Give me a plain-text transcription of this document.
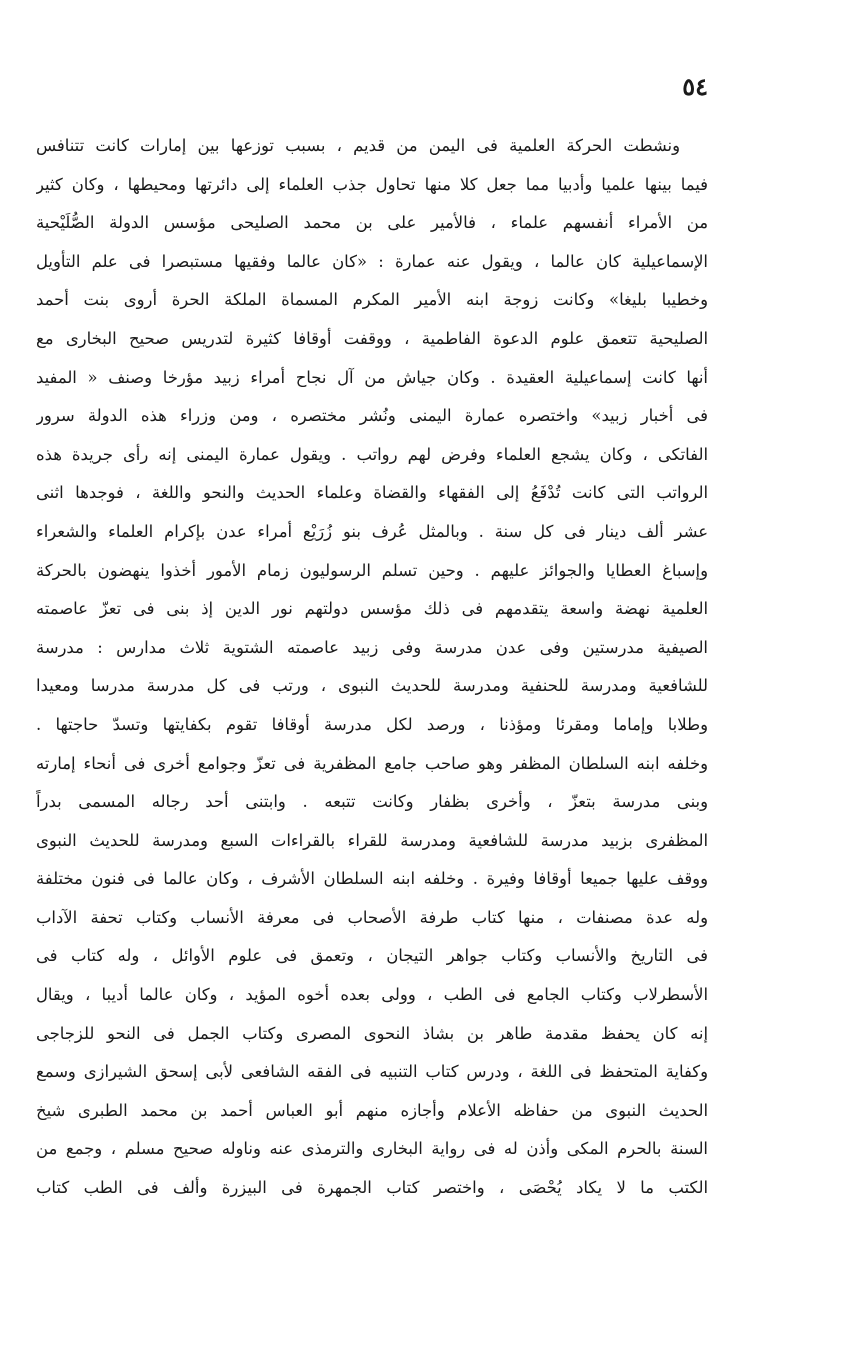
٥٤
ونشطت الحركة العلمية فى اليمن من قديم ، بسبب توزعها بين إمارات كانت تتنافس
فيما بينها علميا وأدبيا مما جعل كلا منها تحاول جذب العلماء إلى دائرتها ومحيطها ، وكان كثير
من الأمراء أنفسهم علماء ، فالأمير على بن محمد الصليحى مؤسس الدولة الصُّلَيْحية
الإسماعيلية كان عالما ، ويقول عنه عمارة : «كان عالما وفقيها مستبصرا فى علم التأويل
وخطيبا بليغا» وكانت زوجة ابنه الأمير المكرم المسماة الملكة الحرة أروى بنت أحمد
الصليحية تتعمق علوم الدعوة الفاطمية ، ووقفت أوقافا كثيرة لتدريس صحيح البخارى مع
أنها كانت إسماعيلية العقيدة . وكان جياش من آل نجاح أمراء زبيد مؤرخا وصنف « المفيد
فى أخبار زبيد» واختصره عمارة اليمنى ونُشر مختصره ، ومن وزراء هذه الدولة سرور
الفاتكى ، وكان يشجع العلماء وفرض لهم رواتب . ويقول عمارة اليمنى إنه رأى جريدة هذه
الرواتب التى كانت تُدْفَعُ إلى الفقهاء والقضاة وعلماء الحديث والنحو واللغة ، فوجدها اثنى
عشر ألف دينار فى كل سنة . وبالمثل عُرف بنو زُرَيْع أمراء عدن بإكرام العلماء والشعراء
وإسباغ العطايا والجوائز عليهم . وحين تسلم الرسوليون زمام الأمور أخذوا ينهضون بالحركة
العلمية نهضة واسعة يتقدمهم فى ذلك مؤسس دولتهم نور الدين إذ بنى فى تعزّ عاصمته
الصيفية مدرستين وفى عدن مدرسة وفى زبيد عاصمته الشتوية ثلاث مدارس : مدرسة
للشافعية ومدرسة للحنفية ومدرسة للحديث النبوى ، ورتب فى كل مدرسة مدرسا ومعيدا
وطلابا وإماما ومقرئا ومؤذنا ، ورصد لكل مدرسة أوقافا تقوم بكفايتها وتسدّ حاجتها .
وخلفه ابنه السلطان المظفر وهو صاحب جامع المظفرية فى تعزّ وجوامع أخرى فى أنحاء إمارته
وبنى مدرسة بتعزّ ، وأخرى بظفار وكانت تتبعه . وابتنى أحد رجاله المسمى بدراً
المظفرى بزبيد مدرسة للشافعية ومدرسة للقراء بالقراءات السبع ومدرسة للحديث النبوى
ووقف عليها جميعا أوقافا وفيرة . وخلفه ابنه السلطان الأشرف ، وكان عالما فى فنون مختلفة
وله عدة مصنفات ، منها كتاب طرفة الأصحاب فى معرفة الأنساب وكتاب تحفة الآداب
فى التاريخ والأنساب وكتاب جواهر التيجان ، وتعمق فى علوم الأوائل ، وله كتاب فى
الأسطرلاب وكتاب الجامع فى الطب ، وولى بعده أخوه المؤيد ، وكان عالما أديبا ، ويقال
إنه كان يحفظ مقدمة طاهر بن بشاذ النحوى المصرى وكتاب الجمل فى النحو للزجاجى
وكفاية المتحفظ فى اللغة ، ودرس كتاب التنبيه فى الفقه الشافعى لأبى إسحق الشيرازى وسمع
الحديث النبوى من حفاظه الأعلام وأجازه منهم أبو العباس أحمد بن محمد الطبرى شيخ
السنة بالحرم المكى وأذن له فى رواية البخارى والترمذى عنه وناوله صحيح مسلم ، وجمع من
الكتب ما لا يكاد يُحْصَى ، واختصر كتاب الجمهرة فى البيزرة وألف فى الطب كتاب
